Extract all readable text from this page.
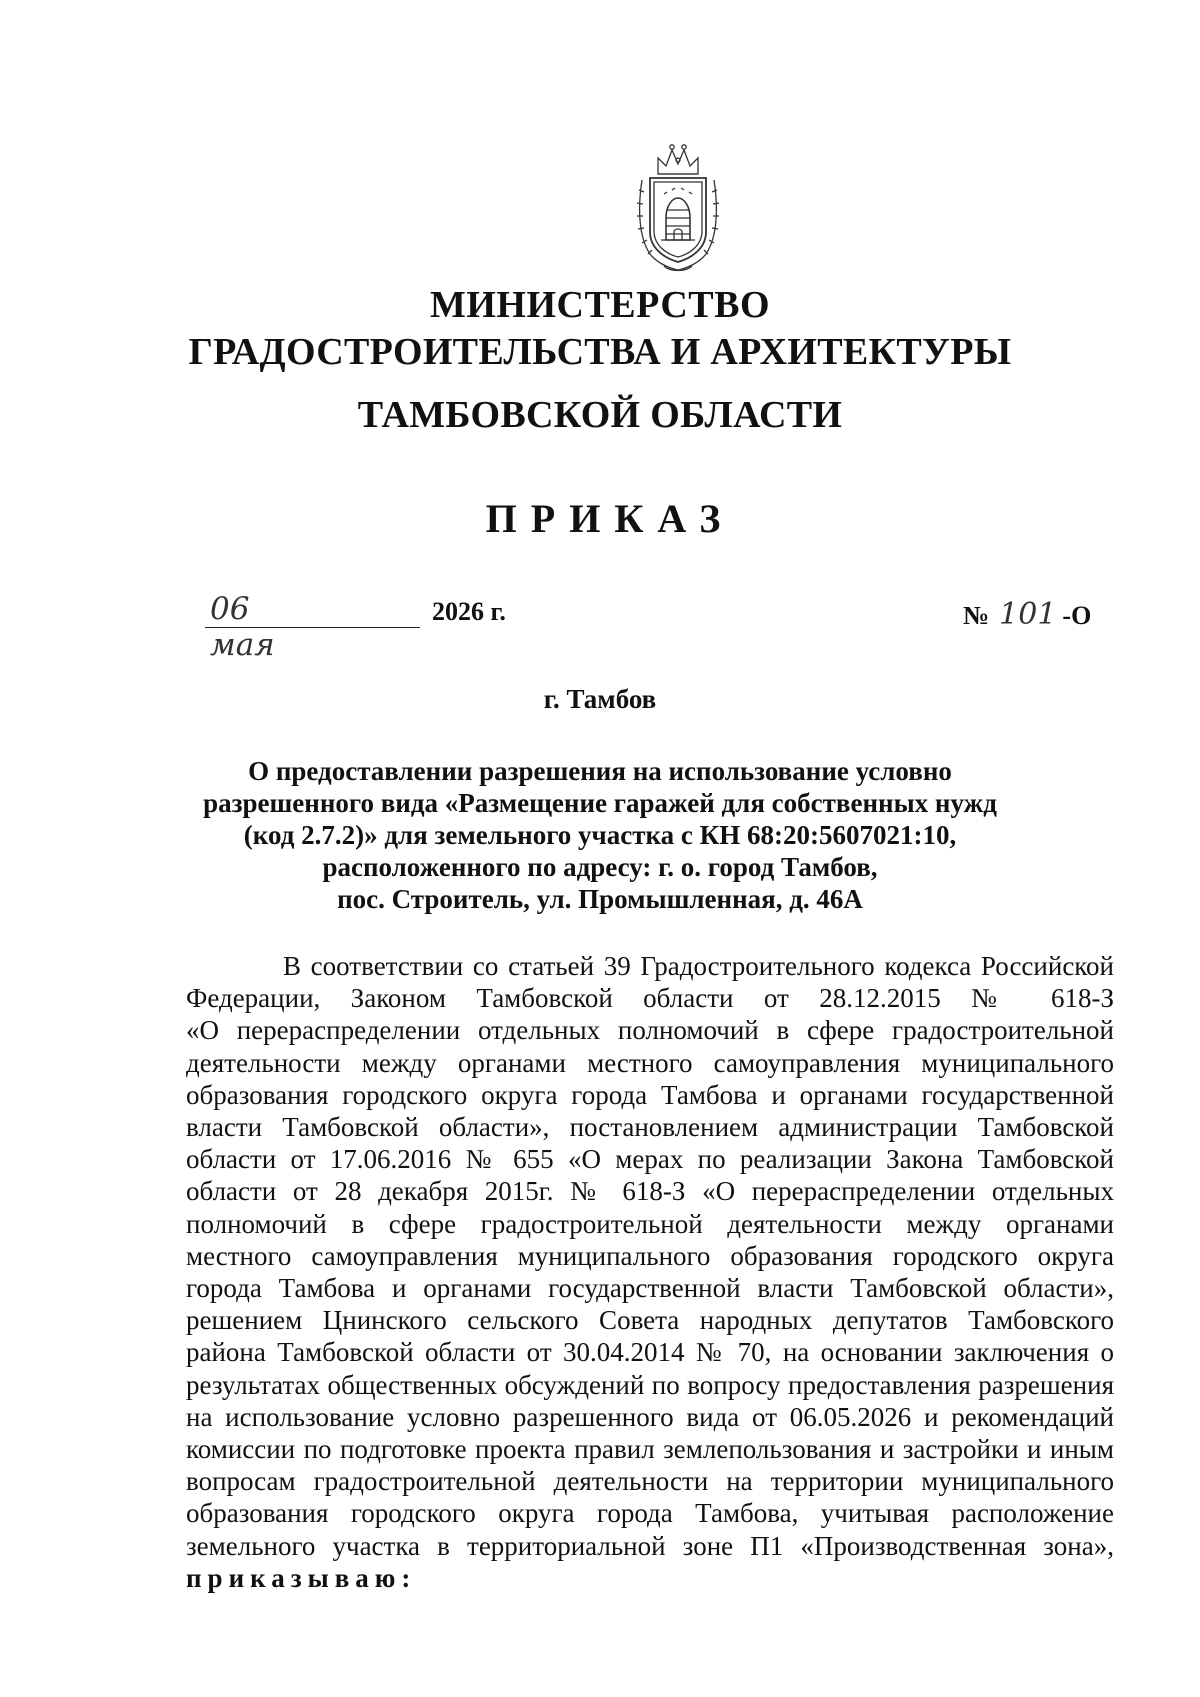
МИНИСТЕРСТВО
ГРАДОСТРОИТЕЛЬСТВА И АРХИТЕКТУРЫ
ТАМБОВСКОЙ ОБЛАСТИ
ПРИКАЗ
06 мая
2026 г.	№ 101 -О
г. Тамбов
О предоставлении разрешения на использование условно
разрешенного вида «Размещение гаражей для собственных нужд
(код 2.7.2)» для земельного участка с КН 68:20:5607021:10,
расположенного по адресу: г. о. город Тамбов,
пос. Строитель, ул. Промышленная, д. 46А
В соответствии со статьей 39 Градостроительного кодекса Российской
Федерации, Законом Тамбовской области от 28.12.2015 № 618-З
«О перераспределении отдельных полномочий в сфере градостроительной
деятельности между органами местного самоуправления муниципального
образования городского округа города Тамбова и органами государственной
власти Тамбовской области», постановлением администрации Тамбовской
области от 17.06.2016 № 655 «О мерах по реализации Закона Тамбовской
области от 28 декабря 2015г. № 618-З «О перераспределении отдельных
полномочий в сфере градостроительной деятельности между органами
местного самоуправления муниципального образования городского округа
города Тамбова и органами государственной власти Тамбовской области»,
решением Цнинского сельского Совета народных депутатов Тамбовского
района Тамбовской области от 30.04.2014 № 70, на основании заключения о
результатах общественных обсуждений по вопросу предоставления разрешения
на использование условно разрешенного вида от 06.05.2026 и рекомендаций
комиссии по подготовке проекта правил землепользования и застройки и иным
вопросам градостроительной деятельности на территории муниципального
образования городского округа города Тамбова, учитывая расположение
земельного участка в территориальной зоне П1 «Производственная зона»,
приказываю:
